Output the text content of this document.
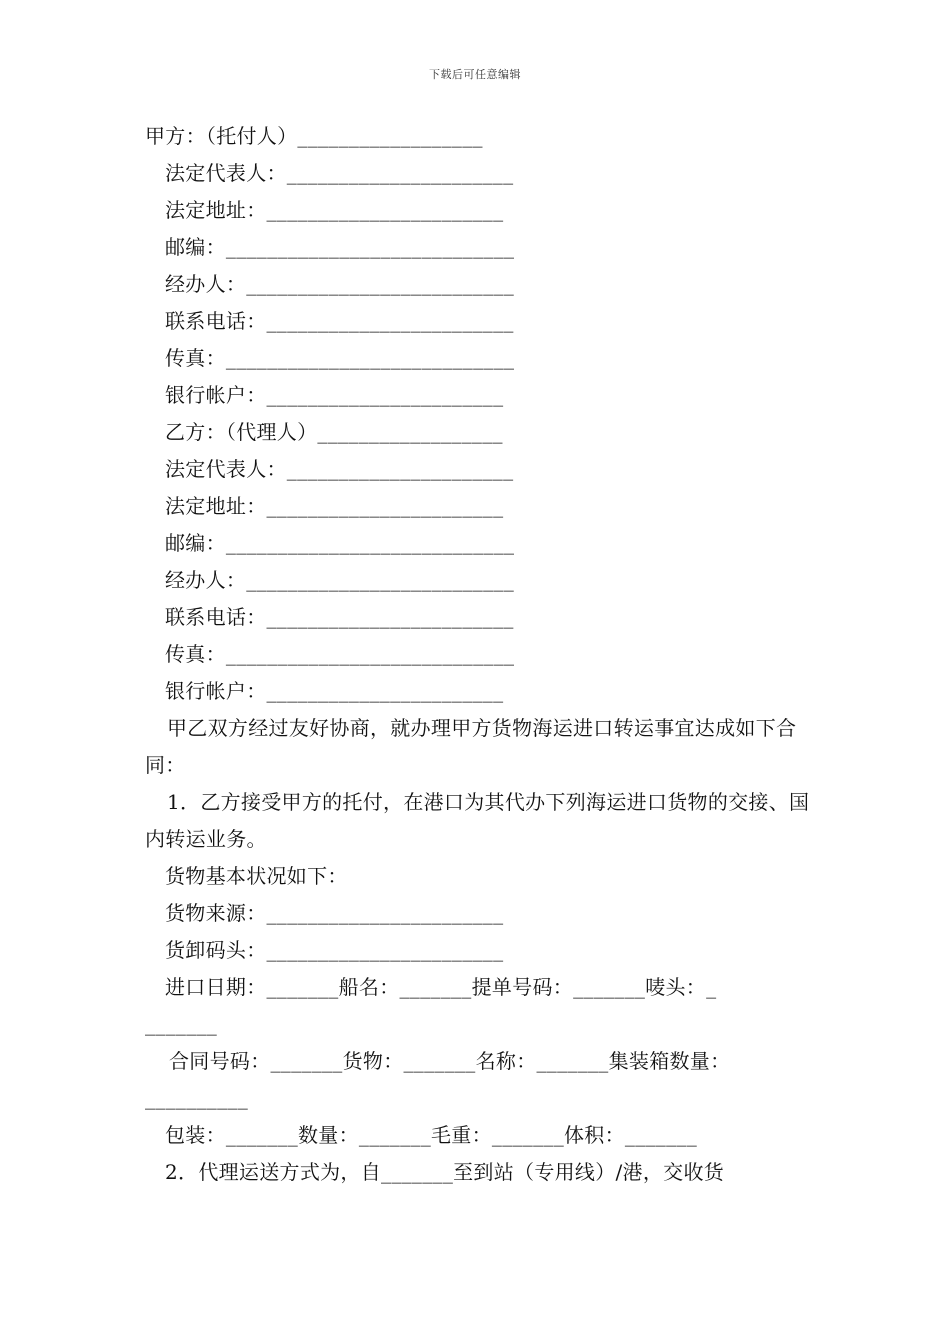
下载后可任意编辑
甲方：（托付人）__________________
法定代表人：______________________
法定地址：_______________________
邮编：____________________________
经办人：__________________________
联系电话：________________________
传真：____________________________
银行帐户：_______________________
乙方：（代理人）__________________
法定代表人：______________________
法定地址：_______________________
邮编：____________________________
经办人：__________________________
联系电话：________________________
传真：____________________________
银行帐户：_______________________

甲乙双方经过友好协商，就办理甲方货物海运进口转运事宜达成如下合同：

1．乙方接受甲方的托付，在港口为其代办下列海运进口货物的交接、国内转运业务。

货物基本状况如下：
货物来源：_______________________
货卸码头：_______________________
进口日期：_______船名：_______提单号码：_______唛头：_
_______
合同号码：_______货物：_______名称：_______集装箱数量：
__________
包装：_______数量：_______毛重：_______体积：_______
2．代理运送方式为，自_______至到站（专用线）/港，交收货
